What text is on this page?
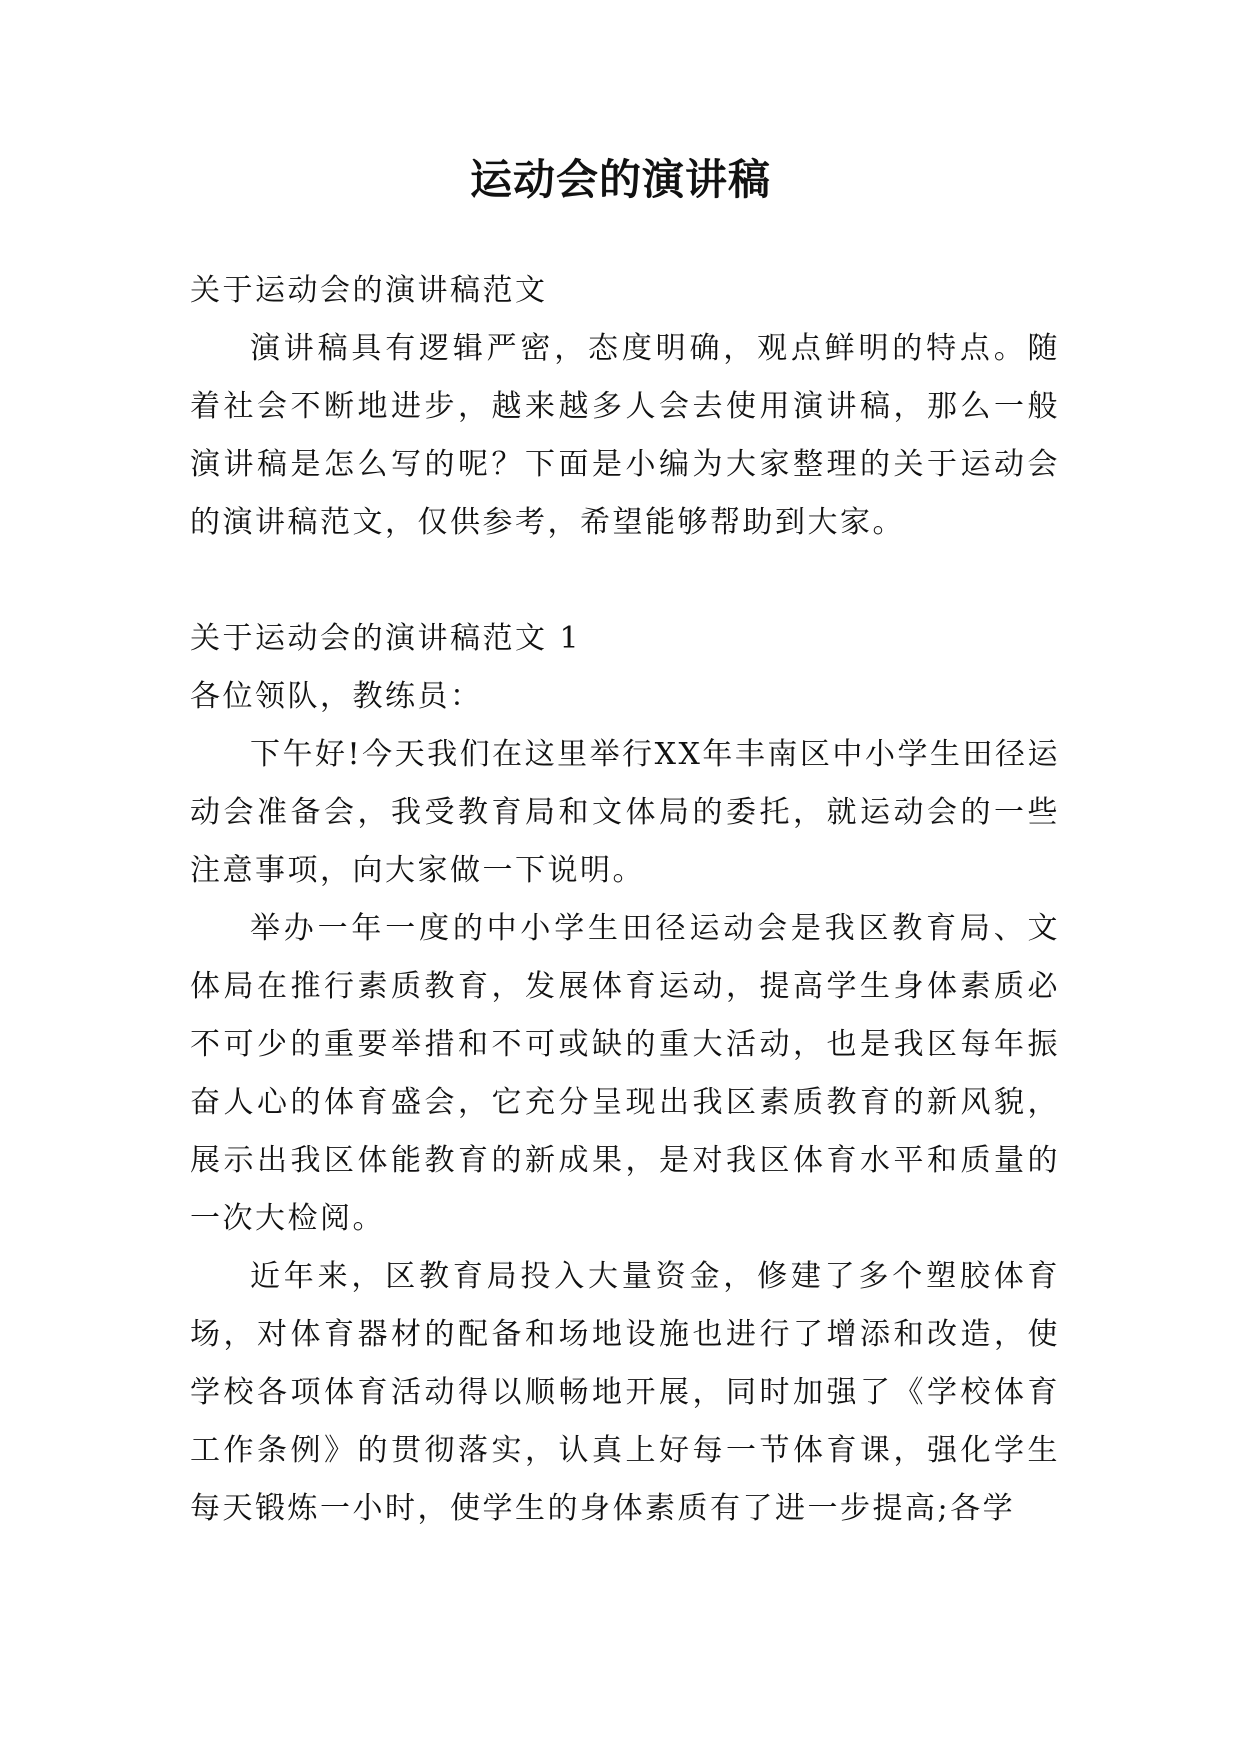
运动会的演讲稿

关于运动会的演讲稿范文

演讲稿具有逻辑严密，态度明确，观点鲜明的特点。随着社会不断地进步，越来越多人会去使用演讲稿，那么一般演讲稿是怎么写的呢？下面是小编为大家整理的关于运动会的演讲稿范文，仅供参考，希望能够帮助到大家。

关于运动会的演讲稿范文 1

各位领队，教练员：

下午好!今天我们在这里举行XX年丰南区中小学生田径运动会准备会，我受教育局和文体局的委托，就运动会的一些注意事项，向大家做一下说明。

举办一年一度的中小学生田径运动会是我区教育局、文体局在推行素质教育，发展体育运动，提高学生身体素质必不可少的重要举措和不可或缺的重大活动，也是我区每年振奋人心的体育盛会，它充分呈现出我区素质教育的新风貌，展示出我区体能教育的新成果，是对我区体育水平和质量的一次大检阅。

近年来，区教育局投入大量资金，修建了多个塑胶体育场，对体育器材的配备和场地设施也进行了增添和改造，使学校各项体育活动得以顺畅地开展，同时加强了《学校体育工作条例》的贯彻落实，认真上好每一节体育课，强化学生每天锻炼一小时，使学生的身体素质有了进一步提高;各学
